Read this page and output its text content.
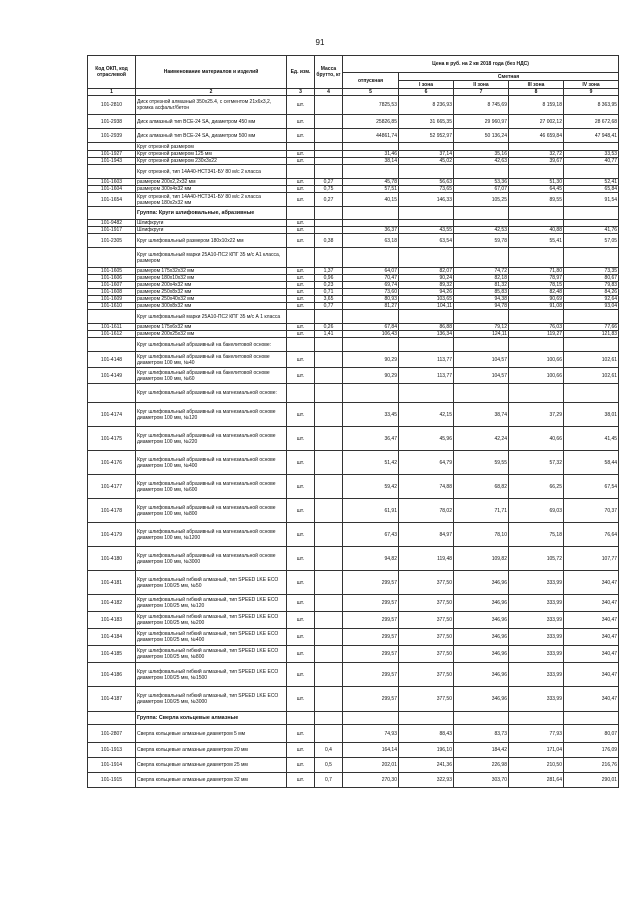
91
Код ОКП, код отраслевой	Наименование материалов и изделий	Ед. изм.	Масса брутто, кг	Цена в руб. на 2 кв 2018 года (без НДС)				
				отпускная	Сметная			
					I зона	II зона	III зона	IV зона
1	2	3	4	5	6	7	8	9
101-2810	Диск отрезной алмазный 350х25.4, с сегментом 21х6х3,2, хромка асфальт/бетон	шт.		7825,53	8 236,93	8 745,69	8 159,18	8 363,95
101-2938	Диск алмазный тип BCE-24 SA, диаметром 450 мм	шт.		25826,85	31 665,35	29 960,97	27 002,12	28 672,68
101-2939	Диск алмазный тип BCE-24 SA, диаметром 500 мм	шт.		44861,74	52 952,97	50 136,24	46 659,84	47 948,41
	Круг отрезной размером							
101-1927	Круг отрезной размером 125 мм	шт.		31,46	37,14	35,16	32,72	33,53
101-1943	Круг отрезной размером 230х3х22	шт.		38,14	45,02	42,63	39,67	40,77
	Круг отрезной, тип 14А40-НСТ341-БУ 80 м/с 2 класса							
101-1603	размером 200х2,2х32 мм	шт.	0,27	45,78	56,63	53,36	51,30	52,41
101-1604	размером 300х4х32 мм	шт.	0,75	57,51	73,65	67,07	64,45	65,84
101-1654	Круг отрезной, тип 14А40-НСТ341-БУ 80 м/с 2 класса размером 180х2х32 мм	шт.	0,27	40,15	146,33	105,25	89,55	91,54
	Группа: Круги шлифовальные, абразивные							
101-9482	Шлифкруги	шт.						
101-1917	Шлифкруги	шт.		36,37	43,55	42,53	40,88	41,76
101-2305	Круг шлифовальный размером 180х10х22 мм	шт.	0,38	63,18	63,54	59,78	55,41	57,05
	Круг шлифовальный марки 25А10-ПС2 КПГ 35 м/с А1 класса, размером							
101-1605	размером 175х32х32 мм	шт.	1,37	64,07	82,07	74,72	71,80	73,35
101-1606	размером 180х10х32 мм	шт.	0,96	70,47	90,24	82,18	78,97	80,67
101-1607	размером 200х4х32 мм	шт.	0,23	69,74	89,32	81,32	78,15	79,83
101-1608	размером 250х8х32 мм	шт.	0,71	73,60	94,26	85,83	82,48	84,26
101-1609	размером 250х40х32 мм	шт.	3,65	80,93	103,65	94,38	90,69	92,64
101-1610	размером 300х8х32 мм	шт.	0,77	81,27	104,11	94,78	91,08	93,04
	Круг шлифовальный марки 25А10-ПС2 КПГ 35 м/с А 1 класса							
101-1611	размером 175х6х32 мм	шт.	0,26	67,84	86,88	79,12	76,03	77,66
101-1612	размером 200х25х32 мм	шт.	1,41	106,43	136,34	124,11	119,27	121,83
	Круг шлифовальный абразивный на бакелитовой основе:							
101-4148	Круг шлифовальный абразивный на бакелитовой основе диаметром 100 мм, №40	шт.		90,29	113,77	104,57	100,66	102,61
101-4149	Круг шлифовальный абразивный на бакелитовой основе диаметром 100 мм, №60	шт.		90,29	113,77	104,57	100,66	102,61
	Круг шлифовальный абразивный на магнезиальной основе:							
101-4174	Круг шлифовальный абразивный на магнезиальной основе диаметром 100 мм, №120	шт.		33,45	42,15	38,74	37,29	38,01
101-4175	Круг шлифовальный абразивный на магнезиальной основе диаметром 100 мм, №220	шт.		36,47	45,96	42,24	40,66	41,45
101-4176	Круг шлифовальный абразивный на магнезиальной основе диаметром 100 мм, №400	шт.		51,42	64,79	59,55	57,32	58,44
101-4177	Круг шлифовальный абразивный на магнезиальной основе диаметром 100 мм, №600	шт.		59,42	74,88	68,82	66,25	67,54
101-4178	Круг шлифовальный абразивный на магнезиальной основе диаметром 100 мм, №800	шт.		61,91	78,02	71,71	69,03	70,37
101-4179	Круг шлифовальный абразивный на магнезиальной основе диаметром 100 мм, №1200	шт.		67,43	84,97	78,10	75,18	76,64
101-4180	Круг шлифовальный абразивный на магнезиальной основе диаметром 100 мм, №3000	шт.		94,82	119,48	109,82	105,72	107,77
101-4181	Круг шлифовальный гибкий алмазный, тип SPEED LKE ECO диаметром 100/25 мм, №50	шт.		299,57	377,50	346,96	333,99	340,47
101-4182	Круг шлифовальный гибкий алмазный, тип SPEED LKE ECO диаметром 100/25 мм, №120	шт.		299,57	377,50	346,96	333,99	340,47
101-4183	Круг шлифовальный гибкий алмазный, тип SPEED LKE ECO диаметром 100/25 мм, №200	шт.		299,57	377,50	346,96	333,99	340,47
101-4184	Круг шлифовальный гибкий алмазный, тип SPEED LKE ECO диаметром 100/25 мм, №400	шт.		299,57	377,50	346,96	333,99	340,47
101-4185	Круг шлифовальный гибкий алмазный, тип SPEED LKE ECO диаметром 100/25 мм, №800	шт.		299,57	377,50	346,96	333,99	340,47
101-4186	Круг шлифовальный гибкий алмазный, тип SPEED LKE ECO диаметром 100/25 мм, №1500	шт.		299,57	377,50	346,96	333,99	340,47
101-4187	Круг шлифовальный гибкий алмазный, тип SPEED LKE ECO диаметром 100/25 мм, №3000	шт.		299,57	377,50	346,96	333,99	340,47
	Группа: Сверла кольцевые алмазные							
101-2807	Сверла кольцевые алмазные диаметром 5 мм	шт.		74,93	88,43	83,73	77,93	80,07
101-1913	Сверла кольцевые алмазные диаметром 20 мм	шт.	0,4	164,14	196,10	184,42	171,04	176,09
101-1914	Сверла кольцевые алмазные диаметром 25 мм	шт.	0,5	202,01	241,36	226,98	210,50	216,76
101-1915	Сверла кольцевые алмазные диаметром 32 мм	шт.	0,7	270,30	322,93	303,70	281,64	290,01
